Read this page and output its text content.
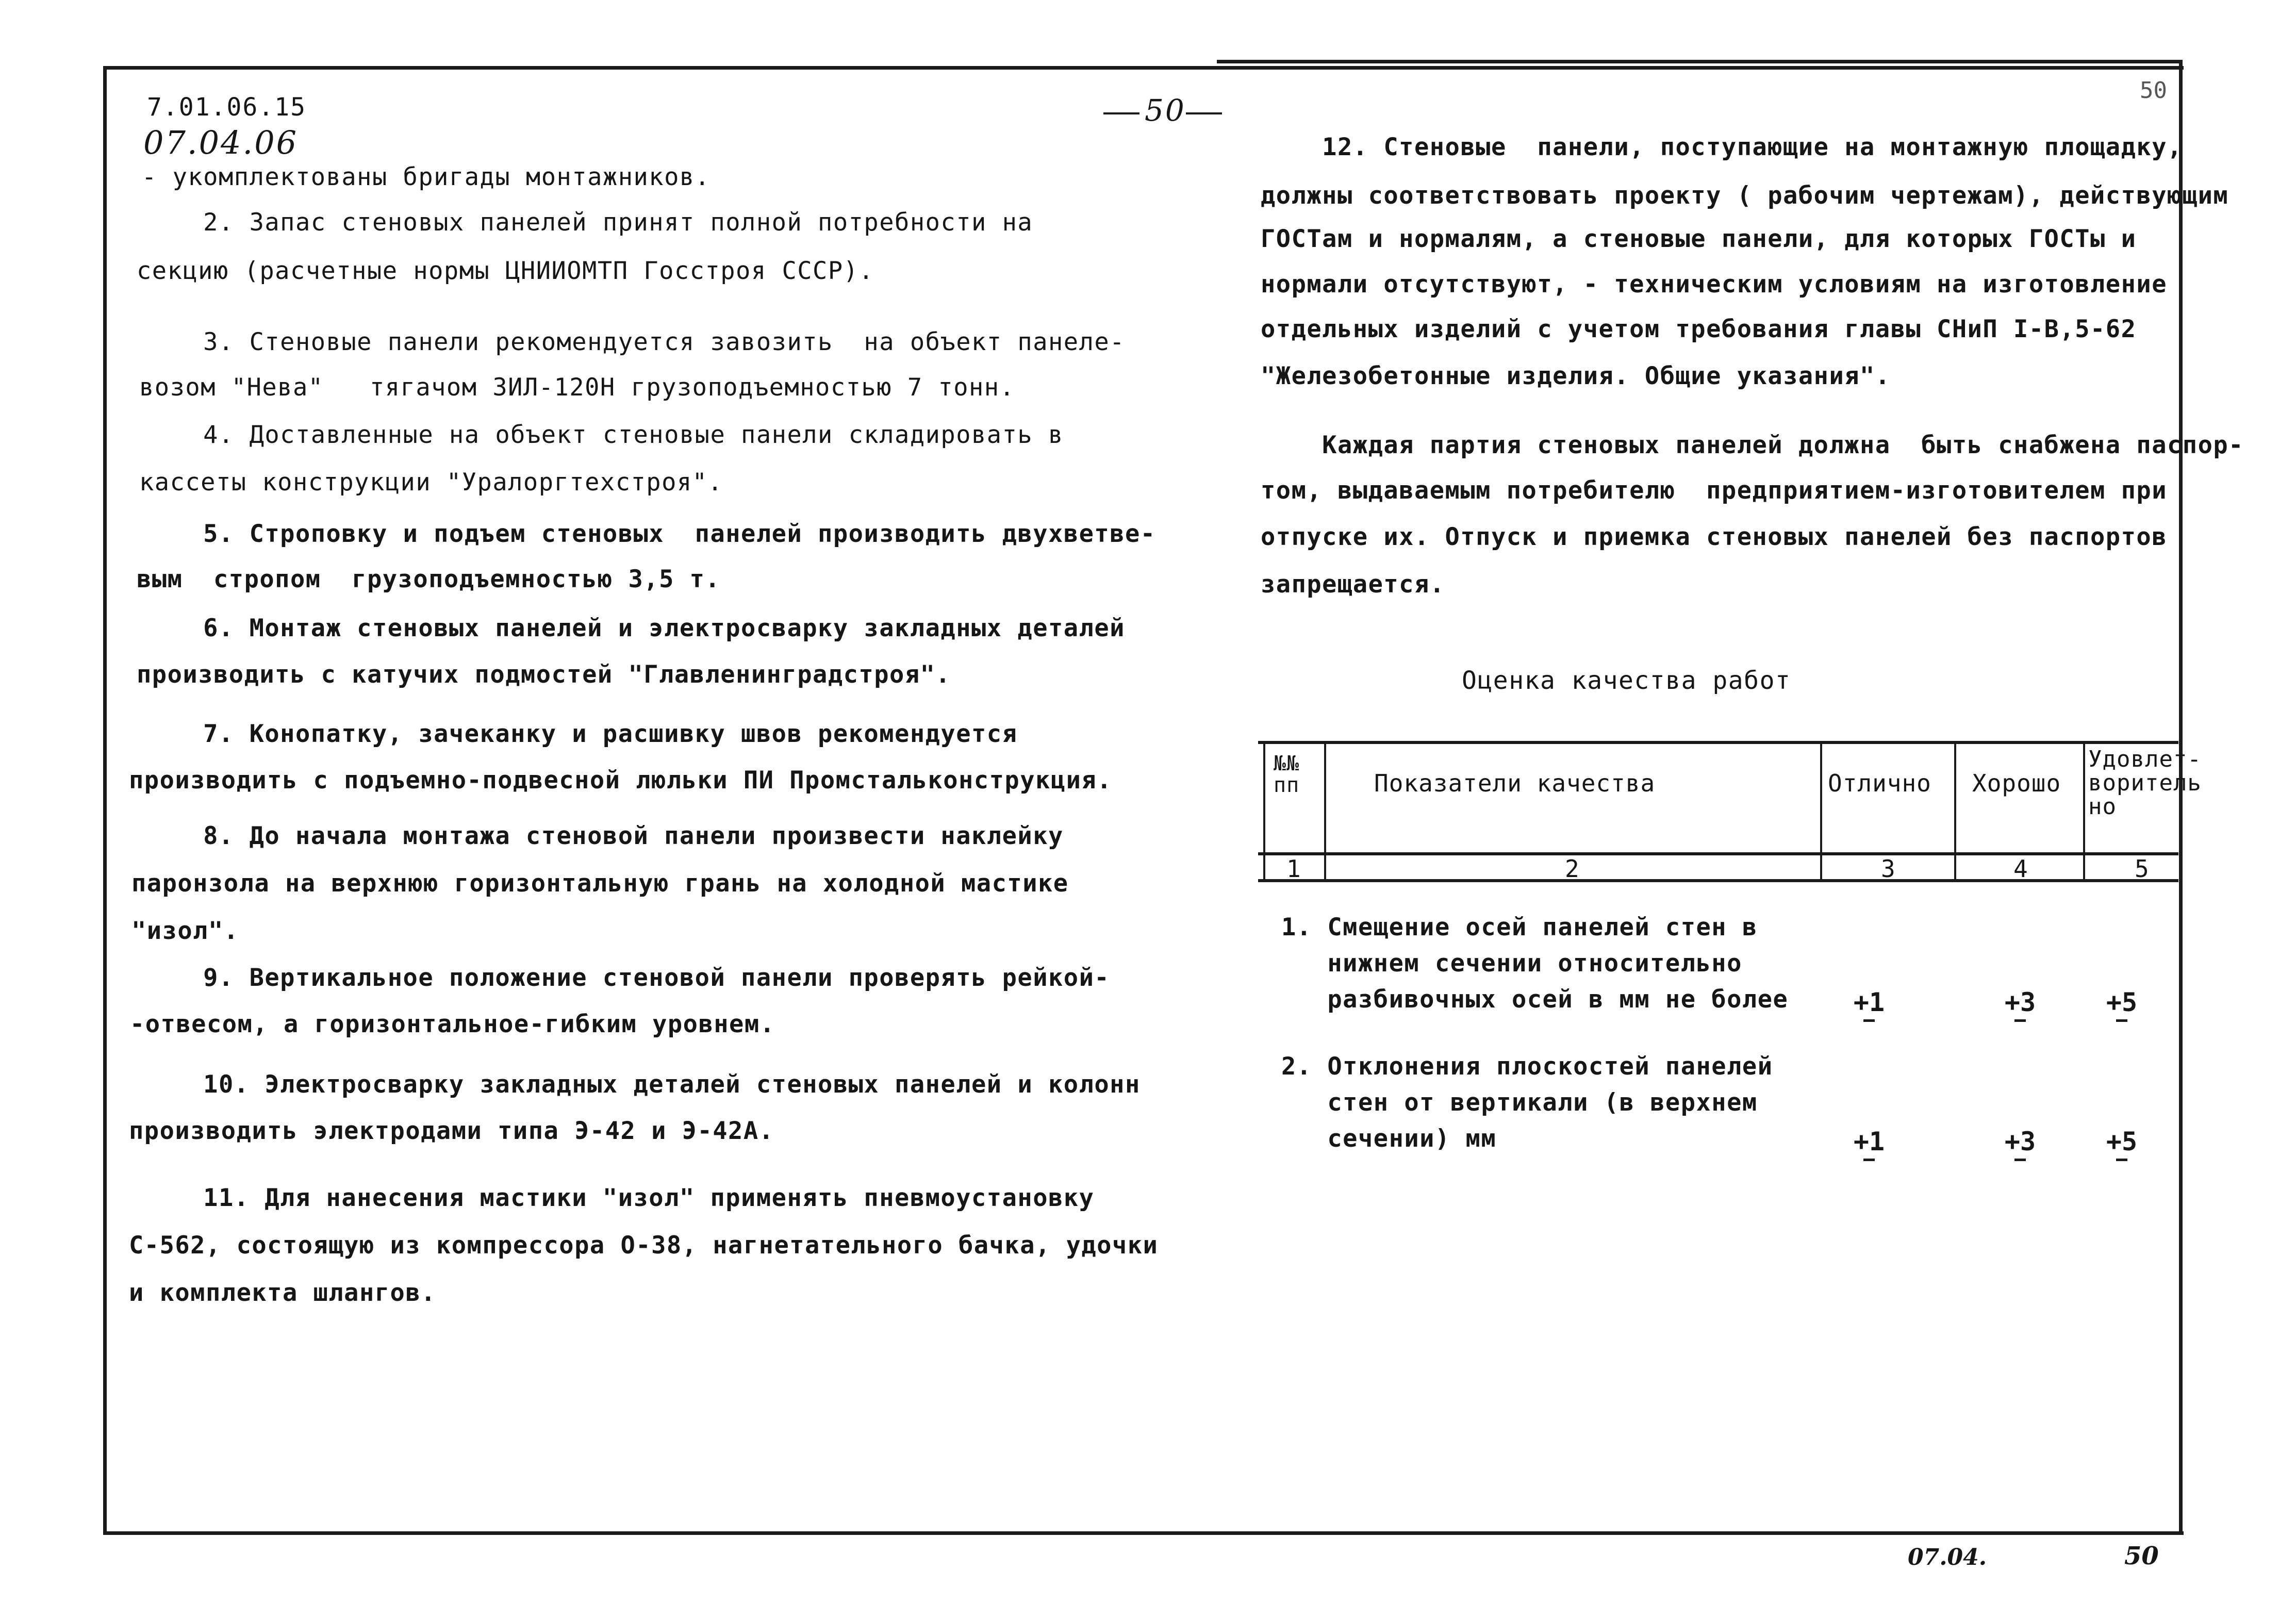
7.01.06.15
07.04.06
50
50
- укомплектованы бригады монтажников.
2. Запас стеновых панелей принят полной потребности на
секцию (расчетные нормы ЦНИИОМТП Госстроя СССР).
3. Стеновые панели рекомендуется завозить  на объект панеле-
возом "Нева"   тягачом ЗИЛ-120Н грузоподъемностью 7 тонн.
4. Доставленные на объект стеновые панели складировать в
кассеты конструкции "Уралоргтехстроя".
5. Строповку и подъем стеновых  панелей производить двухветве-
вым  стропом  грузоподъемностью 3,5 т.
6. Монтаж стеновых панелей и электросварку закладных деталей
производить с катучих подмостей "Главленинградстроя".
7. Конопатку, зачеканку и расшивку швов рекомендуется
производить с подъемно-подвесной люльки ПИ Промстальконструкция.
8. До начала монтажа стеновой панели произвести наклейку
паронзола на верхнюю горизонтальную грань на холодной мастике
"изол".
9. Вертикальное положение стеновой панели проверять рейкой-
-отвесом, а горизонтальное-гибким уровнем.
10. Электросварку закладных деталей стеновых панелей и колонн
производить электродами типа Э-42 и Э-42А.
11. Для нанесения мастики "изол" применять пневмоустановку
С-562, состоящую из компрессора О-38, нагнетательного бачка, удочки
и комплекта шлангов.
12. Стеновые  панели, поступающие на монтажную площадку,
должны соответствовать проекту ( рабочим чертежам), действующим
ГОСТам и нормалям, а стеновые панели, для которых ГОСТы и
нормали отсутствуют, - техническим условиям на изготовление
отдельных изделий с учетом требования главы СНиП I-В,5-62
"Железобетонные изделия. Общие указания".
Каждая партия стеновых панелей должна  быть снабжена паспор-
том, выдаваемым потребителю  предприятием-изготовителем при
отпуске их. Отпуск и приемка стеновых панелей без паспортов
запрещается.
Оценка качества работ
№№
пп	Показатели качества	Отлично Хорошо
Удовлет-
воритель
но
1	2	3	4	5
1. Смещение осей панелей стен в
нижнем сечении относительно
разбивочных осей в мм не более	+1	+3	+5
2. Отклонения плоскостей панелей
стен от вертикали (в верхнем
сечении) мм	+1	+3	+5
07.04.	50
